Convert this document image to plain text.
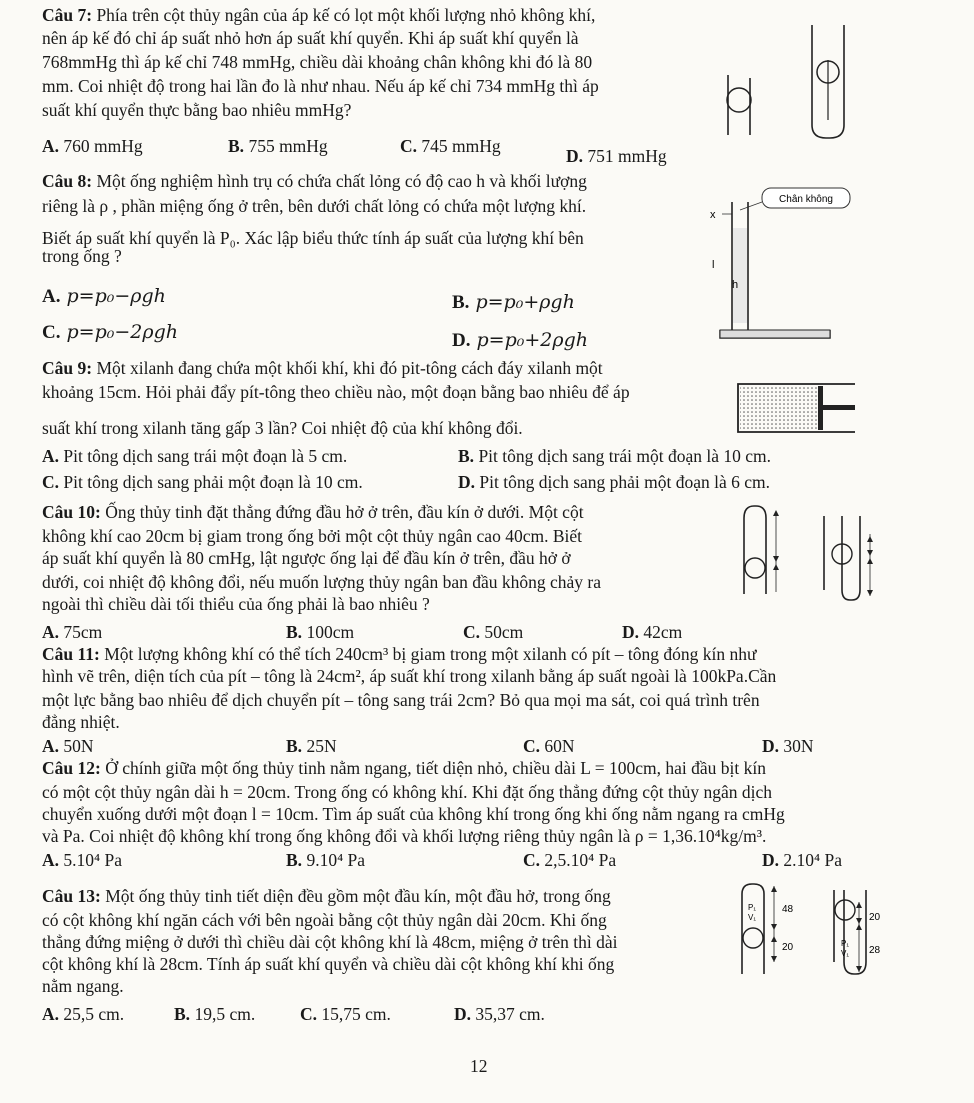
Câu 7: Phía trên cột thủy ngân của áp kế có lọt một khối lượng nhỏ không khí,
nên áp kế đó chỉ áp suất nhỏ hơn áp suất khí quyển. Khi áp suất khí quyển là
768mmHg thì áp kế chỉ 748 mmHg, chiều dài khoảng chân không khi đó là 80
mm. Coi nhiệt độ trong hai lần đo là như nhau. Nếu áp kế chỉ 734 mmHg thì áp
suất khí quyển thực bằng bao nhiêu mmHg?
A. 760 mmHg	B. 755 mmHg	C. 745 mmHg	D. 751 mmHg
Câu 8: Một ống nghiệm hình trụ có chứa chất lỏng có độ cao h và khối lượng
riêng là ρ , phần miệng ống ở trên, bên dưới chất lỏng có chứa một lượng khí.
Biết áp suất khí quyển là P₀. Xác lập biểu thức tính áp suất của lượng khí bên
trong ống ?
A. p=p₀−ρgh	B. p=p₀+ρgh
C. p=p₀−2ρgh	D. p=p₀+2ρgh
Chân không
x
l
h
Câu 9: Một xilanh đang chứa một khối khí, khi đó pit-tông cách đáy xilanh một
khoảng 15cm. Hỏi phải đẩy pít-tông theo chiều nào, một đoạn bằng bao nhiêu để áp
suất khí trong xilanh tăng gấp 3 lần? Coi nhiệt độ của khí không đổi.
A. Pit tông dịch sang trái một đoạn là 5 cm.	B. Pit tông dịch sang trái một đoạn là 10 cm.
C. Pit tông dịch sang phải một đoạn là 10 cm.	D. Pit tông dịch sang phải một đoạn là 6 cm.
Câu 10: Ống thủy tinh đặt thẳng đứng đầu hở ở trên, đầu kín ở dưới. Một cột
không khí cao 20cm bị giam trong ống bởi một cột thủy ngân cao 40cm. Biết
áp suất khí quyển là 80 cmHg, lật ngược ống lại để đầu kín ở trên, đầu hở ở
dưới, coi nhiệt độ không đổi, nếu muốn lượng thủy ngân ban đầu không chảy ra
ngoài thì chiều dài tối thiểu của ống phải là bao nhiêu ?
A. 75cm	B. 100cm	C. 50cm	D. 42cm
Câu 11: Một lượng không khí có thể tích 240cm³ bị giam trong một xilanh có pít – tông đóng kín như
hình vẽ trên, diện tích của pít – tông là 24cm², áp suất khí trong xilanh bằng áp suất ngoài là 100kPa.Cần
một lực bằng bao nhiêu để dịch chuyển pít – tông sang trái 2cm? Bỏ qua mọi ma sát, coi quá trình trên
đẳng nhiệt.
A. 50N	B. 25N	C. 60N	D. 30N
Câu 12: Ở chính giữa một ống thủy tinh nằm ngang, tiết diện nhỏ, chiều dài L = 100cm, hai đầu bịt kín
có một cột thủy ngân dài h = 20cm. Trong ống có không khí. Khi đặt ống thẳng đứng cột thủy ngân dịch
chuyển xuống dưới một đoạn l = 10cm. Tìm áp suất của không khí trong ống khi ống nằm ngang ra cmHg
và Pa. Coi nhiệt độ không khí trong ống không đổi và khối lượng riêng thủy ngân là ρ = 1,36.10⁴kg/m³.
A. 5.10⁴ Pa	B. 9.10⁴ Pa	C. 2,5.10⁴ Pa	D. 2.10⁴ Pa
Câu 13: Một ống thủy tinh tiết diện đều gồm một đầu kín, một đầu hở, trong ống
có cột không khí ngăn cách với bên ngoài bằng cột thủy ngân dài 20cm. Khi ống
thẳng đứng miệng ở dưới thì chiều dài cột không khí là 48cm, miệng ở trên thì dài
cột không khí là 28cm. Tính áp suất khí quyển và chiều dài cột không khí khi ống
nằm ngang.
A. 25,5 cm.	B. 19,5 cm.	C. 15,75 cm.	D. 35,37 cm.
P₁
V₁
48
20	P₁
V₁
20
28
12
